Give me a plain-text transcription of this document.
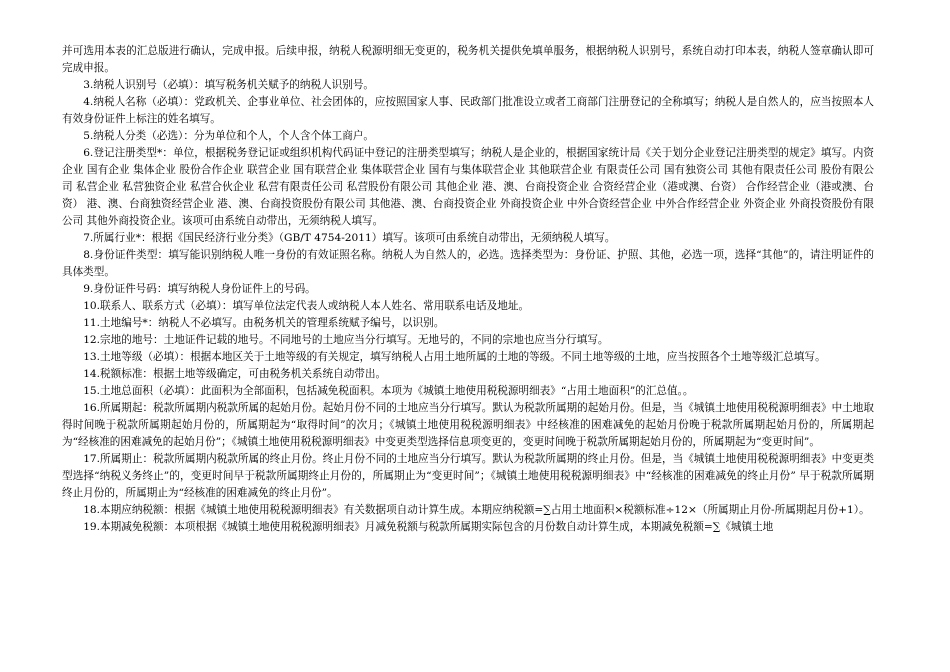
并可选用本表的汇总版进行确认，完成申报。后续申报，纳税人税源明细无变更的，税务机关提供免填单服务，根据纳税人识别号，系统自动打印本表，纳税人签章确认即可完成申报。

3.纳税人识别号（必填）：填写税务机关赋予的纳税人识别号。

4.纳税人名称（必填）：党政机关、企事业单位、社会团体的，应按照国家人事、民政部门批准设立或者工商部门注册登记的全称填写；纳税人是自然人的，应当按照本人有效身份证件上标注的姓名填写。

5.纳税人分类（必选）：分为单位和个人，个人含个体工商户。

6.登记注册类型*：单位，根据税务登记证或组织机构代码证中登记的注册类型填写；纳税人是企业的，根据国家统计局《关于划分企业登记注册类型的规定》填写。内资企业 国有企业 集体企业 股份合作企业 联营企业 国有联营企业 集体联营企业 国有与集体联营企业 其他联营企业 有限责任公司 国有独资公司 其他有限责任公司 股份有限公司 私营企业 私营独资企业 私营合伙企业 私营有限责任公司 私营股份有限公司 其他企业 港、澳、台商投资企业 合资经营企业（港或澳、台资） 合作经营企业（港或澳、台资） 港、澳、台商独资经营企业 港、澳、台商投资股份有限公司 其他港、澳、台商投资企业 外商投资企业 中外合资经营企业 中外合作经营企业 外资企业 外商投资股份有限公司 其他外商投资企业。该项可由系统自动带出，无须纳税人填写。

7.所属行业*：根据《国民经济行业分类》（GB/T 4754-2011）填写。该项可由系统自动带出，无须纳税人填写。

8.身份证件类型：填写能识别纳税人唯一身份的有效证照名称。纳税人为自然人的，必选。选择类型为：身份证、护照、其他，必选一项，选择“其他”的，请注明证件的具体类型。

9.身份证件号码：填写纳税人身份证件上的号码。

10.联系人、联系方式（必填）：填写单位法定代表人或纳税人本人姓名、常用联系电话及地址。

11.土地编号*：纳税人不必填写。由税务机关的管理系统赋予编号，以识别。

12.宗地的地号：土地证件记载的地号。不同地号的土地应当分行填写。无地号的，不同的宗地也应当分行填写。

13.土地等级（必填）：根据本地区关于土地等级的有关规定，填写纳税人占用土地所属的土地的等级。不同土地等级的土地，应当按照各个土地等级汇总填写。

14.税额标准：根据土地等级确定，可由税务机关系统自动带出。

15.土地总面积（必填）：此面积为全部面积，包括减免税面积。本项为《城镇土地使用税税源明细表》“占用土地面积”的汇总值。。

16.所属期起：税款所属期内税款所属的起始月份。起始月份不同的土地应当分行填写。默认为税款所属期的起始月份。但是，当《城镇土地使用税税源明细表》中土地取得时间晚于税款所属期起始月份的，所属期起为“取得时间”的次月；《城镇土地使用税税源明细表》中经核准的困难减免的起始月份晚于税款所属期起始月份的，所属期起为“经核准的困难减免的起始月份”；《城镇土地使用税税源明细表》中变更类型选择信息项变更的，变更时间晚于税款所属期起始月份的，所属期起为“变更时间”。

17.所属期止：税款所属期内税款所属的终止月份。终止月份不同的土地应当分行填写。默认为税款所属期的终止月份。但是，当《城镇土地使用税税源明细表》中变更类型选择“纳税义务终止”的，变更时间早于税款所属期终止月份的，所属期止为“变更时间”；《城镇土地使用税税源明细表》中“经核准的困难减免的终止月份” 早于税款所属期终止月份的，所属期止为“经核准的困难减免的终止月份”。

18.本期应纳税额：根据《城镇土地使用税税源明细表》有关数据项自动计算生成。本期应纳税额=∑占用土地面积×税额标准÷12×（所属期止月份-所属期起月份+1）。

19.本期减免税额：本项根据《城镇土地使用税税源明细表》月减免税额与税款所属期实际包含的月份数自动计算生成，本期减免税额=∑《城镇土地
